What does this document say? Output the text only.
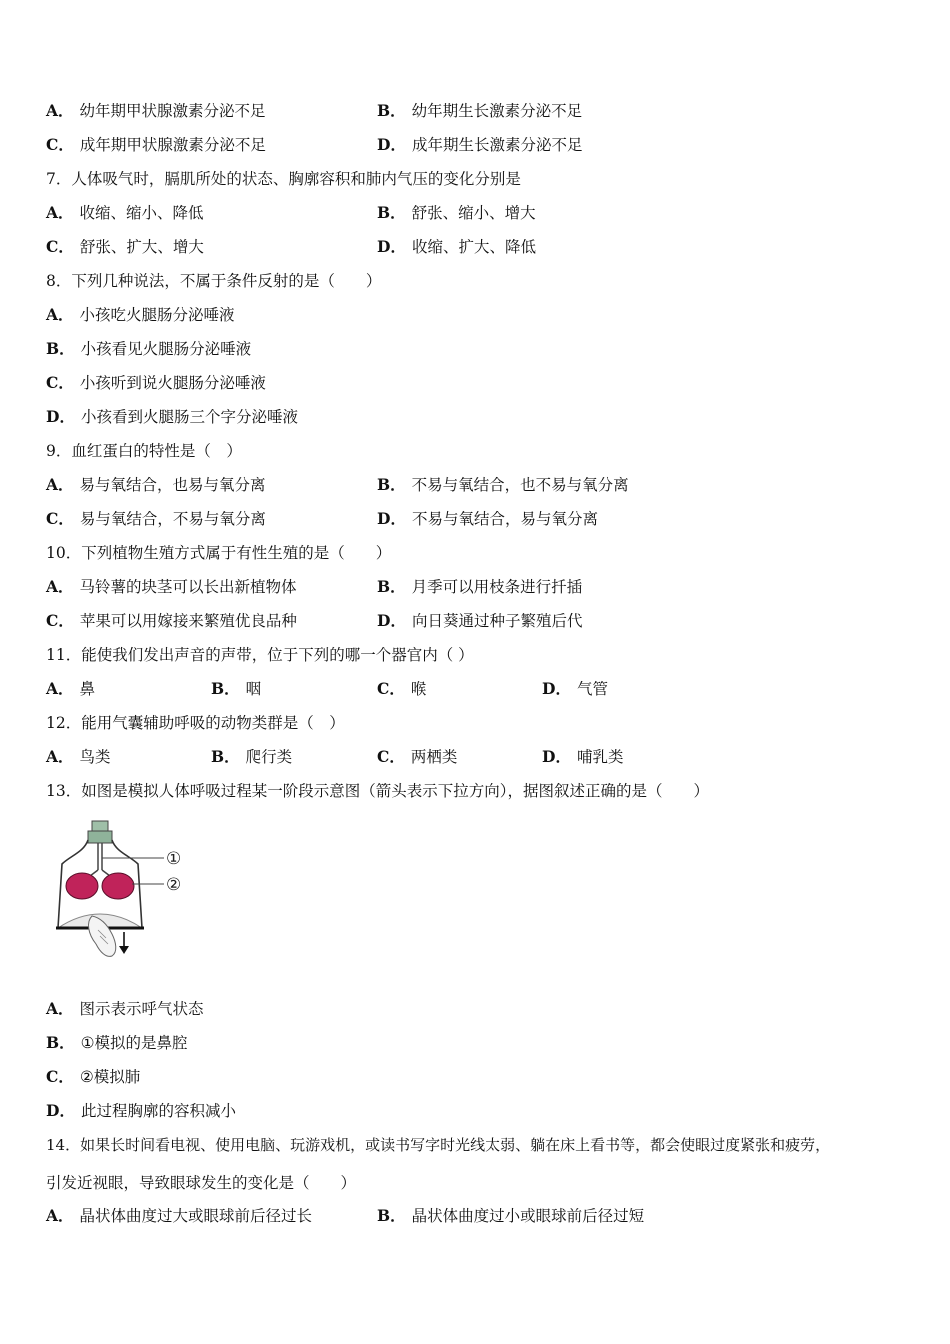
A． 幼年期甲状腺激素分泌不足	B． 幼年期生长激素分泌不足
C． 成年期甲状腺激素分泌不足	D． 成年期生长激素分泌不足
7．人体吸气时，膈肌所处的状态、胸廓容积和肺内气压的变化分别是
A． 收缩、缩小、降低	B． 舒张、缩小、增大
C． 舒张、扩大、增大	D． 收缩、扩大、降低
8．下列几种说法，不属于条件反射的是（　　）
A． 小孩吃火腿肠分泌唾液
B． 小孩看见火腿肠分泌唾液
C． 小孩听到说火腿肠分泌唾液
D． 小孩看到火腿肠三个字分泌唾液
9．血红蛋白的特性是（　）
A． 易与氧结合，也易与氧分离	B． 不易与氧结合，也不易与氧分离
C． 易与氧结合，不易与氧分离	D． 不易与氧结合，易与氧分离
10．下列植物生殖方式属于有性生殖的是（　　）
A． 马铃薯的块茎可以长出新植物体	B． 月季可以用枝条进行扦插
C． 苹果可以用嫁接来繁殖优良品种	D． 向日葵通过种子繁殖后代
11．能使我们发出声音的声带，位于下列的哪一个器官内（ ）
A． 鼻	B． 咽	C． 喉	D． 气管
12．能用气囊辅助呼吸的动物类群是（　）
A． 鸟类	B． 爬行类	C． 两栖类	D． 哺乳类
13．如图是模拟人体呼吸过程某一阶段示意图（箭头表示下拉方向），据图叙述正确的是（　　）
①
②
A． 图示表示呼气状态
B． ①模拟的是鼻腔
C． ②模拟肺
D． 此过程胸廓的容积减小
14．如果长时间看电视、使用电脑、玩游戏机，或读书写字时光线太弱、躺在床上看书等，都会使眼过度紧张和疲劳，
引发近视眼，导致眼球发生的变化是（　　）
A． 晶状体曲度过大或眼球前后径过长	B． 晶状体曲度过小或眼球前后径过短
